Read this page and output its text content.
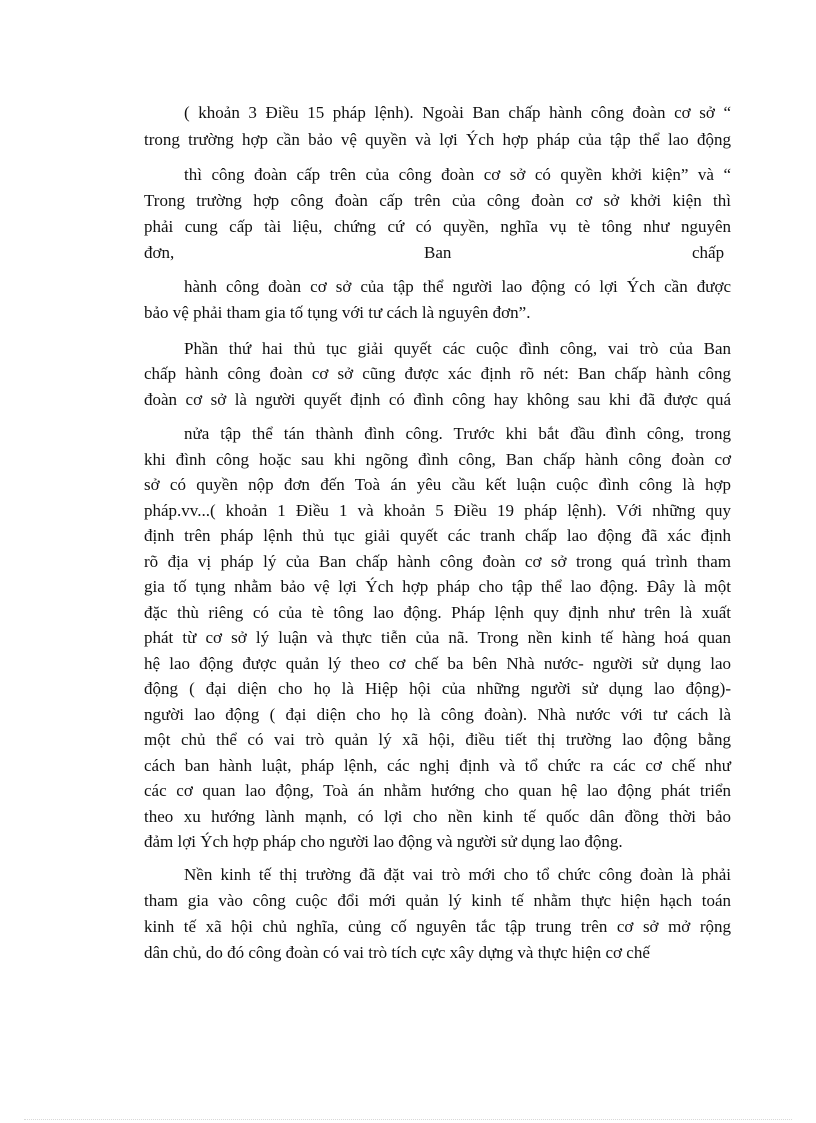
( khoản 3 Điều 15 pháp lệnh). Ngoài Ban chấp hành công đoàn cơ sở “

trong trường hợp cần bảo vệ quyền và lợi Ých hợp pháp của tập thể lao động

thì công đoàn cấp trên của công đoàn cơ sở có quyền khởi kiện” và “

Trong trường hợp công đoàn cấp trên của công đoàn cơ sở khởi kiện thì

phải cung cấp tài liệu, chứng cứ có quyền, nghĩa vụ tè tông như nguyên

đơn,	Ban	chấp

hành công đoàn cơ sở của tập thể người lao động có lợi Ých cần được

bảo vệ phải tham gia tố tụng với tư cách là nguyên đơn”.

Phần thứ hai thủ tục giải quyết các cuộc đình công, vai trò của Ban

chấp hành công đoàn cơ sở cũng được xác định rõ nét: Ban chấp hành công

đoàn cơ sở là người quyết định có đình công hay không sau khi đã được quá

nửa tập thể tán thành đình công. Trước khi bắt đầu đình công, trong

khi đình công hoặc sau khi ngõng đình công, Ban chấp hành công đoàn cơ

sở có quyền nộp đơn đến Toà án yêu cầu kết luận cuộc đình công là hợp

pháp.vv...( khoản 1 Điều 1 và khoản 5 Điều 19 pháp lệnh). Với những quy

định trên pháp lệnh thủ tục giải quyết các tranh chấp lao động đã xác định

rõ địa vị pháp lý của Ban chấp hành công đoàn cơ sở trong quá trình tham

gia tố tụng nhằm bảo vệ lợi Ých hợp pháp cho tập thể lao động. Đây là một

đặc thù riêng có của tè tông lao động. Pháp lệnh quy định như trên là xuất

phát từ cơ sở lý luận và thực tiễn của nã. Trong nền kinh tế hàng hoá quan

hệ lao động được quản lý theo cơ chế ba bên Nhà nước- người sử dụng lao

động ( đại diện cho họ là Hiệp hội của những người sử dụng lao động)-

người lao động ( đại diện cho họ là công đoàn). Nhà nước với tư cách là

một chủ thể có vai trò quản lý xã hội, điều tiết thị trường lao động bằng

cách ban hành luật, pháp lệnh, các nghị định và tổ chức ra các cơ chế như

các cơ quan lao động, Toà án nhằm hướng cho quan hệ lao động phát triển

theo xu hướng lành mạnh, có lợi cho nền kinh tế quốc dân đồng thời bảo

đảm lợi Ých hợp pháp cho người lao động và người sử dụng lao động.

Nền kinh tế thị trường đã đặt vai trò mới cho tổ chức công đoàn là phải

tham gia vào công cuộc đổi mới quản lý kinh tế nhằm thực hiện hạch toán

kinh tế xã hội chủ nghĩa, củng cố nguyên tắc tập trung trên cơ sở mở rộng

dân chủ, do đó công đoàn có vai trò tích cực xây dựng và thực hiện cơ chế
